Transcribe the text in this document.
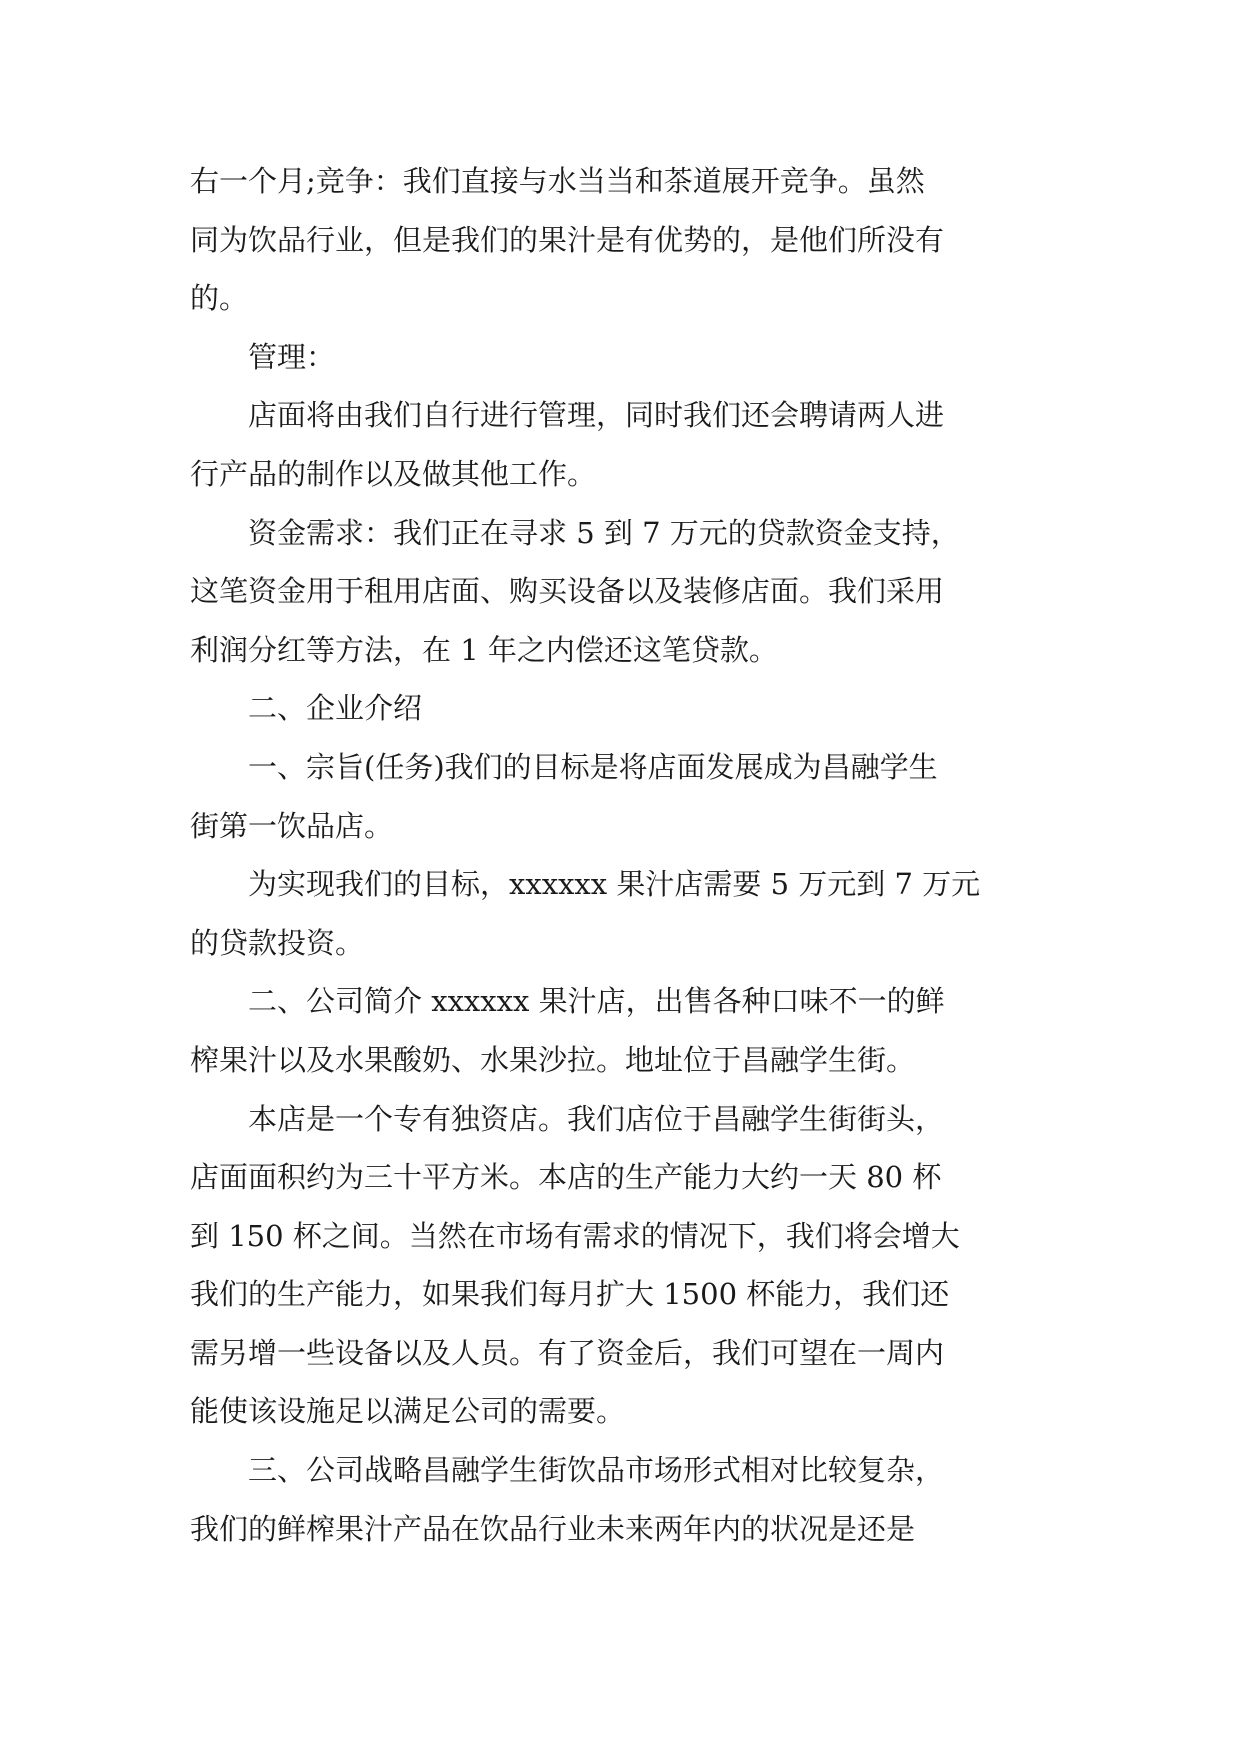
右一个月;竞争：我们直接与水当当和茶道展开竞争。虽然

同为饮品行业，但是我们的果汁是有优势的，是他们所没有

的。

管理：

店面将由我们自行进行管理，同时我们还会聘请两人进

行产品的制作以及做其他工作。

资金需求：我们正在寻求 5 到 7 万元的贷款资金支持，

这笔资金用于租用店面、购买设备以及装修店面。我们采用

利润分红等方法，在 1 年之内偿还这笔贷款。

二、企业介绍

一、宗旨(任务)我们的目标是将店面发展成为昌融学生

街第一饮品店。

为实现我们的目标，xxxxxx 果汁店需要 5 万元到 7 万元

的贷款投资。

二、公司简介 xxxxxx 果汁店，出售各种口味不一的鲜

榨果汁以及水果酸奶、水果沙拉。地址位于昌融学生街。

本店是一个专有独资店。我们店位于昌融学生街街头，

店面面积约为三十平方米。本店的生产能力大约一天 80 杯

到 150 杯之间。当然在市场有需求的情况下，我们将会增大

我们的生产能力，如果我们每月扩大 1500 杯能力，我们还

需另增一些设备以及人员。有了资金后，我们可望在一周内

能使该设施足以满足公司的需要。

三、公司战略昌融学生街饮品市场形式相对比较复杂，

我们的鲜榨果汁产品在饮品行业未来两年内的状况是还是
